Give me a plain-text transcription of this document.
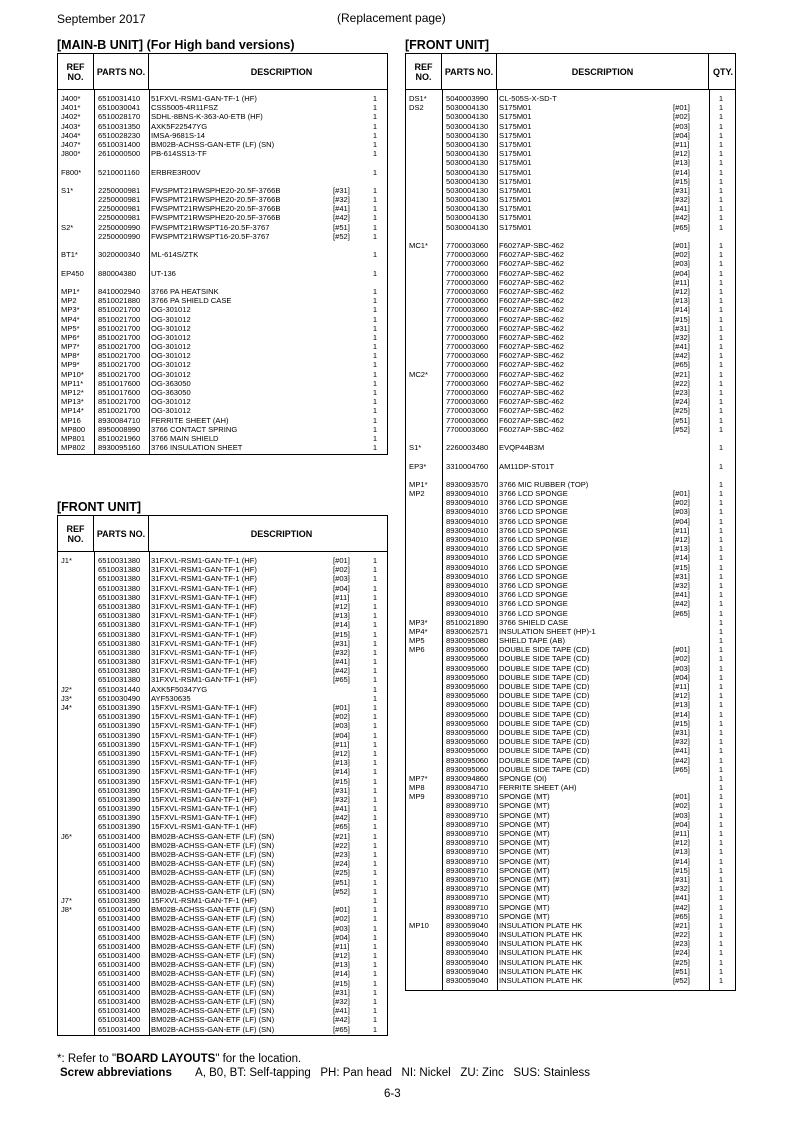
September 2017	(Replacement page)
[MAIN-B UNIT] (For High band versions)
REF NO.	PARTS NO.	DESCRIPTION
J400* 6510031410 51FXVL-RSM1-GAN-TF-1 (HF)	1
J401* 6510030041 CSS5005-4R11FSZ	1
J402* 6510028170 SDHL-8BNS-K-363-A0-ETB (HF)	1
J403* 6510031350 AXK5F22547YG	1
J404* 6510028230 IMSA-9681S-14	1
J407* 6510031400 BM02B-ACHSS-GAN-ETF (LF) (SN)	1
J800* 2610000500 PB-614SS13-TF	1
F800* 5210001160 ERBRE3R00V	1
S1*	2250000981 FWSPMT21RWSPHE20-20.5F-3766B	[#31]	1
2250000981 FWSPMT21RWSPHE20-20.5F-3766B	[#32]	1
2250000981 FWSPMT21RWSPHE20-20.5F-3766B	[#41]	1
2250000981 FWSPMT21RWSPHE20-20.5F-3766B	[#42]	1
S2*	2250000990 FWSPMT21RWSPT16-20.5F-3767	[#51]	1
2250000990 FWSPMT21RWSPT16-20.5F-3767	[#52]	1
BT1*	3020000340 ML-614S/ZTK	1
EP450 880004380 UT-136	1
MP1* 8410002940 3766 PA HEATSINK	1
MP2	8510021880 3766 PA SHIELD CASE	1
MP3* 8510021700 OG-301012	1
MP4* 8510021700 OG-301012	1
MP5* 8510021700 OG-301012	1
MP6* 8510021700 OG-301012	1
MP7* 8510021700 OG-301012	1
MP8* 8510021700 OG-301012	1
MP9* 8510021700 OG-301012	1
MP10* 8510021700 OG-301012	1
MP11* 8510017600 OG-363050	1
MP12* 8510017600 OG-363050	1
MP13* 8510021700 OG-301012	1
MP14* 8510021700 OG-301012	1
MP16 8930084710 FERRITE SHEET (AH)	1
MP800 8950008990 3766 CONTACT SPRING	1
MP801 8510021960 3766 MAIN SHIELD	1
MP802 8930095160 3766 INSULATION SHEET	1
[FRONT UNIT]
REF NO.	PARTS NO.	DESCRIPTION
J1*	6510031380 31FXVL-RSM1-GAN-TF-1 (HF)	[#01]	1
6510031380 31FXVL-RSM1-GAN-TF-1 (HF)	[#02]	1
6510031380 31FXVL-RSM1-GAN-TF-1 (HF)	[#03]	1
6510031380 31FXVL-RSM1-GAN-TF-1 (HF)	[#04]	1
6510031380 31FXVL-RSM1-GAN-TF-1 (HF)	[#11]	1
6510031380 31FXVL-RSM1-GAN-TF-1 (HF)	[#12]	1
6510031380 31FXVL-RSM1-GAN-TF-1 (HF)	[#13]	1
6510031380 31FXVL-RSM1-GAN-TF-1 (HF)	[#14]	1
6510031380 31FXVL-RSM1-GAN-TF-1 (HF)	[#15]	1
6510031380 31FXVL-RSM1-GAN-TF-1 (HF)	[#31]	1
6510031380 31FXVL-RSM1-GAN-TF-1 (HF)	[#32]	1
6510031380 31FXVL-RSM1-GAN-TF-1 (HF)	[#41]	1
6510031380 31FXVL-RSM1-GAN-TF-1 (HF)	[#42]	1
6510031380 31FXVL-RSM1-GAN-TF-1 (HF)	[#65]	1
J2*	6510031440 AXK5F50347YG	1
J3*	6510030490 AYF530635	1
J4*	6510031390 15FXVL-RSM1-GAN-TF-1 (HF)	[#01]	1
6510031390 15FXVL-RSM1-GAN-TF-1 (HF)	[#02]	1
6510031390 15FXVL-RSM1-GAN-TF-1 (HF)	[#03]	1
6510031390 15FXVL-RSM1-GAN-TF-1 (HF)	[#04]	1
6510031390 15FXVL-RSM1-GAN-TF-1 (HF)	[#11]	1
6510031390 15FXVL-RSM1-GAN-TF-1 (HF)	[#12]	1
6510031390 15FXVL-RSM1-GAN-TF-1 (HF)	[#13]	1
6510031390 15FXVL-RSM1-GAN-TF-1 (HF)	[#14]	1
6510031390 15FXVL-RSM1-GAN-TF-1 (HF)	[#15]	1
6510031390 15FXVL-RSM1-GAN-TF-1 (HF)	[#31]	1
6510031390 15FXVL-RSM1-GAN-TF-1 (HF)	[#32]	1
6510031390 15FXVL-RSM1-GAN-TF-1 (HF)	[#41]	1
6510031390 15FXVL-RSM1-GAN-TF-1 (HF)	[#42]	1
6510031390 15FXVL-RSM1-GAN-TF-1 (HF)	[#65]	1
J6*	6510031400 BM02B-ACHSS-GAN-ETF (LF) (SN)	[#21]	1
6510031400 BM02B-ACHSS-GAN-ETF (LF) (SN)	[#22]	1
6510031400 BM02B-ACHSS-GAN-ETF (LF) (SN)	[#23]	1
6510031400 BM02B-ACHSS-GAN-ETF (LF) (SN)	[#24]	1
6510031400 BM02B-ACHSS-GAN-ETF (LF) (SN)	[#25]	1
6510031400 BM02B-ACHSS-GAN-ETF (LF) (SN)	[#51]	1
6510031400 BM02B-ACHSS-GAN-ETF (LF) (SN)	[#52]	1
J7*	6510031390 15FXVL-RSM1-GAN-TF-1 (HF)	1
J8*	6510031400 BM02B-ACHSS-GAN-ETF (LF) (SN)	[#01]	1
6510031400 BM02B-ACHSS-GAN-ETF (LF) (SN)	[#02]	1
6510031400 BM02B-ACHSS-GAN-ETF (LF) (SN)	[#03]	1
6510031400 BM02B-ACHSS-GAN-ETF (LF) (SN)	[#04]	1
6510031400 BM02B-ACHSS-GAN-ETF (LF) (SN)	[#11]	1
6510031400 BM02B-ACHSS-GAN-ETF (LF) (SN)	[#12]	1
6510031400 BM02B-ACHSS-GAN-ETF (LF) (SN)	[#13]	1
6510031400 BM02B-ACHSS-GAN-ETF (LF) (SN)	[#14]	1
6510031400 BM02B-ACHSS-GAN-ETF (LF) (SN)	[#15]	1
6510031400 BM02B-ACHSS-GAN-ETF (LF) (SN)	[#31]	1
6510031400 BM02B-ACHSS-GAN-ETF (LF) (SN)	[#32]	1
6510031400 BM02B-ACHSS-GAN-ETF (LF) (SN)	[#41]	1
6510031400 BM02B-ACHSS-GAN-ETF (LF) (SN)	[#42]	1
6510031400 BM02B-ACHSS-GAN-ETF (LF) (SN)	[#65]	1
[FRONT UNIT]
REF NO.	PARTS NO.	DESCRIPTION	QTY.
DS1*	5040003990 CL-505S-X-SD-T	1
DS2	5030004130 S175M01	[#01]	1
5030004130 S175M01	[#02]	1
5030004130 S175M01	[#03]	1
5030004130 S175M01	[#04]	1
5030004130 S175M01	[#11]	1
5030004130 S175M01	[#12]	1
5030004130 S175M01	[#13]	1
5030004130 S175M01	[#14]	1
5030004130 S175M01	[#15]	1
5030004130 S175M01	[#31]	1
5030004130 S175M01	[#32]	1
5030004130 S175M01	[#41]	1
5030004130 S175M01	[#42]	1
5030004130 S175M01	[#65]	1
MC1* 7700003060 F6027AP-SBC-462	[#01]	1
7700003060 F6027AP-SBC-462	[#02]	1
7700003060 F6027AP-SBC-462	[#03]	1
7700003060 F6027AP-SBC-462	[#04]	1
7700003060 F6027AP-SBC-462	[#11]	1
7700003060 F6027AP-SBC-462	[#12]	1
7700003060 F6027AP-SBC-462	[#13]	1
7700003060 F6027AP-SBC-462	[#14]	1
7700003060 F6027AP-SBC-462	[#15]	1
7700003060 F6027AP-SBC-462	[#31]	1
7700003060 F6027AP-SBC-462	[#32]	1
7700003060 F6027AP-SBC-462	[#41]	1
7700003060 F6027AP-SBC-462	[#42]	1
7700003060 F6027AP-SBC-462	[#65]	1
MC2* 7700003060 F6027AP-SBC-462	[#21]	1
7700003060 F6027AP-SBC-462	[#22]	1
7700003060 F6027AP-SBC-462	[#23]	1
7700003060 F6027AP-SBC-462	[#24]	1
7700003060 F6027AP-SBC-462	[#25]	1
7700003060 F6027AP-SBC-462	[#51]	1
7700003060 F6027AP-SBC-462	[#52]	1
S1*	2260003480 EVQP44B3M	1
EP3*	3310004760 AM11DP-ST01T	1
MP1* 8930093570 3766 MIC RUBBER (TOP)	1
MP2	8930094010 3766 LCD SPONGE	[#01]	1
8930094010 3766 LCD SPONGE	[#02]	1
8930094010 3766 LCD SPONGE	[#03]	1
8930094010 3766 LCD SPONGE	[#04]	1
8930094010 3766 LCD SPONGE	[#11]	1
8930094010 3766 LCD SPONGE	[#12]	1
8930094010 3766 LCD SPONGE	[#13]	1
8930094010 3766 LCD SPONGE	[#14]	1
8930094010 3766 LCD SPONGE	[#15]	1
8930094010 3766 LCD SPONGE	[#31]	1
8930094010 3766 LCD SPONGE	[#32]	1
8930094010 3766 LCD SPONGE	[#41]	1
8930094010 3766 LCD SPONGE	[#42]	1
8930094010 3766 LCD SPONGE	[#65]	1
MP3* 8510021890 3766 SHIELD CASE	1
MP4* 8930062571 INSULATION SHEET (HP)-1	1
MP5	8930095080 SHIELD TAPE (AB)	1
MP6	8930095060 DOUBLE SIDE TAPE (CD)	[#01]	1
8930095060 DOUBLE SIDE TAPE (CD)	[#02]	1
8930095060 DOUBLE SIDE TAPE (CD)	[#03]	1
8930095060 DOUBLE SIDE TAPE (CD)	[#04]	1
8930095060 DOUBLE SIDE TAPE (CD)	[#11]	1
8930095060 DOUBLE SIDE TAPE (CD)	[#12]	1
8930095060 DOUBLE SIDE TAPE (CD)	[#13]	1
8930095060 DOUBLE SIDE TAPE (CD)	[#14]	1
8930095060 DOUBLE SIDE TAPE (CD)	[#15]	1
8930095060 DOUBLE SIDE TAPE (CD)	[#31]	1
8930095060 DOUBLE SIDE TAPE (CD)	[#32]	1
8930095060 DOUBLE SIDE TAPE (CD)	[#41]	1
8930095060 DOUBLE SIDE TAPE (CD)	[#42]	1
8930095060 DOUBLE SIDE TAPE (CD)	[#65]	1
MP7* 8930094860 SPONGE (OI)	1
MP8	8930084710 FERRITE SHEET (AH)	1
MP9	8930089710 SPONGE (MT)	[#01]	1
8930089710 SPONGE (MT)	[#02]	1
8930089710 SPONGE (MT)	[#03]	1
8930089710 SPONGE (MT)	[#04]	1
8930089710 SPONGE (MT)	[#11]	1
8930089710 SPONGE (MT)	[#12]	1
8930089710 SPONGE (MT)	[#13]	1
8930089710 SPONGE (MT)	[#14]	1
8930089710 SPONGE (MT)	[#15]	1
8930089710 SPONGE (MT)	[#31]	1
8930089710 SPONGE (MT)	[#32]	1
8930089710 SPONGE (MT)	[#41]	1
8930089710 SPONGE (MT)	[#42]	1
8930089710 SPONGE (MT)	[#65]	1
MP10 8930059040 INSULATION PLATE HK	[#21]	1
8930059040 INSULATION PLATE HK	[#22]	1
8930059040 INSULATION PLATE HK	[#23]	1
8930059040 INSULATION PLATE HK	[#24]	1
8930059040 INSULATION PLATE HK	[#25]	1
8930059040 INSULATION PLATE HK	[#51]	1
8930059040 INSULATION PLATE HK	[#52]	1
*: Refer to "BOARD LAYOUTS" for the location.
Screw abbreviations A, B0, BT: Self-tapping   PH: Pan head   NI: Nickel   ZU: Zinc   SUS: Stainless
6-3
